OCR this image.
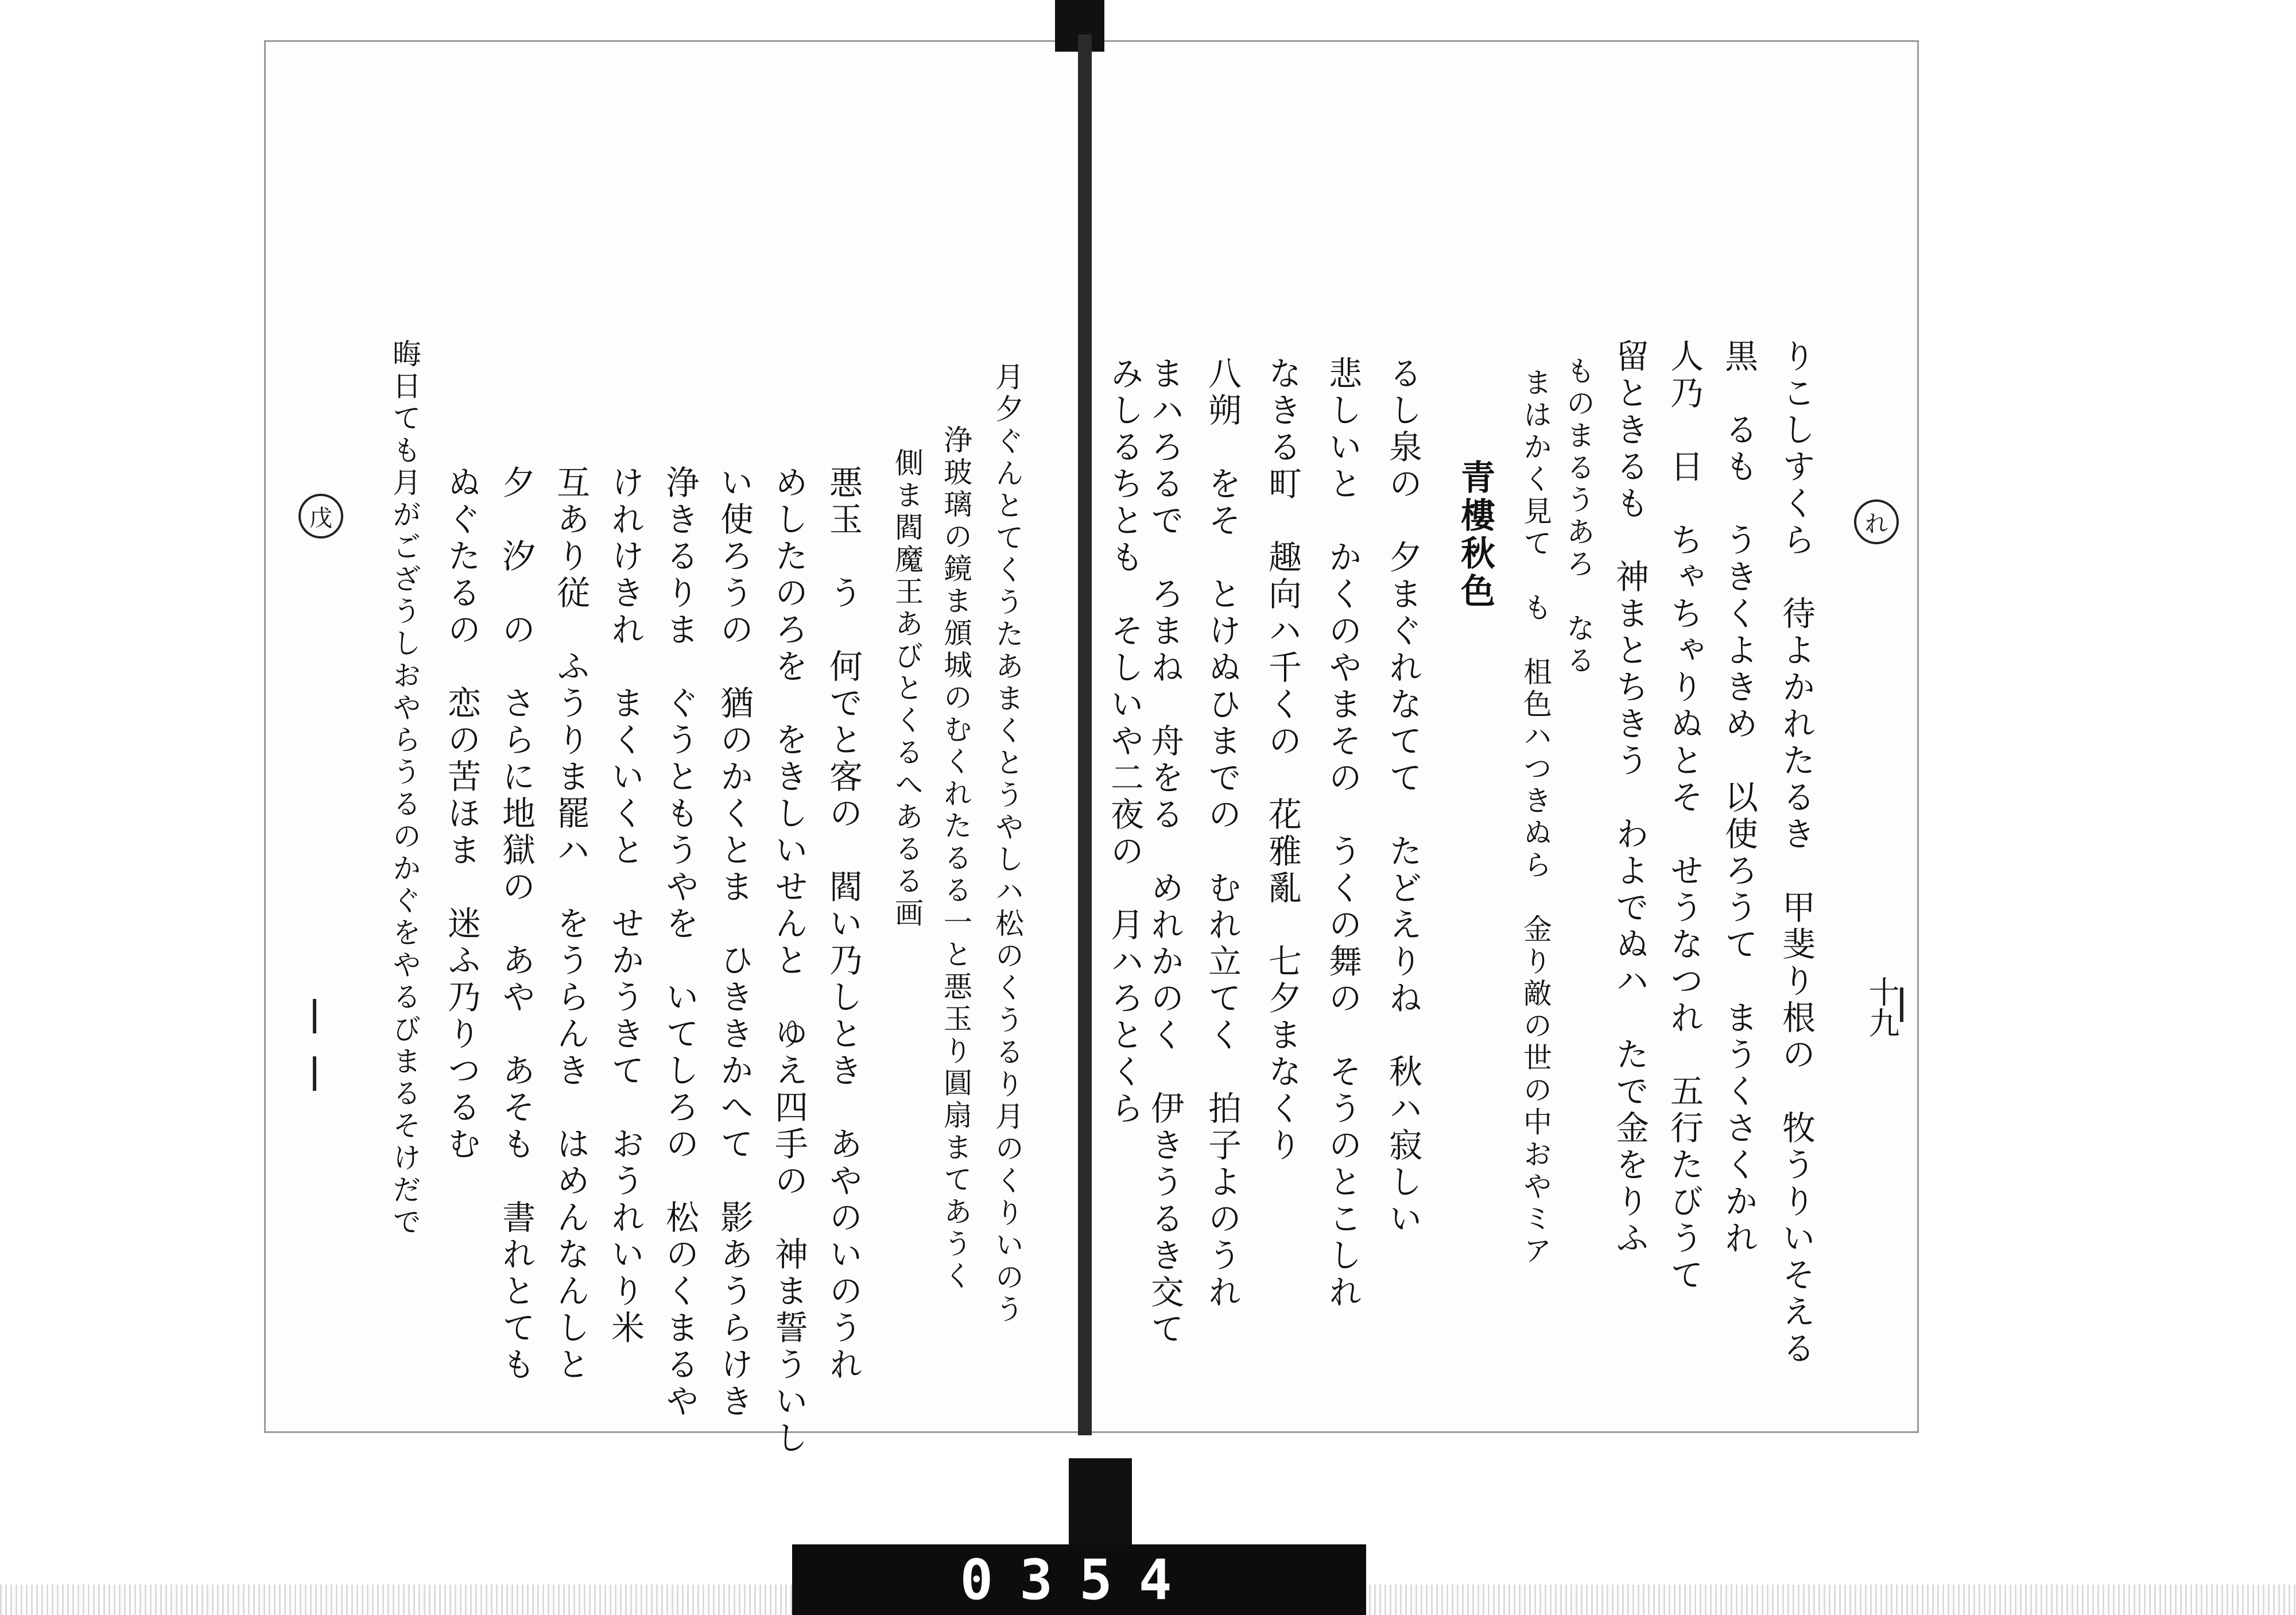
0354
りこしすくら　待よかれたるき　甲斐り根の　牧うりいそえる
黒　るも　うきくよきめ　以使ろうて　まうくさくかれ
人乃　日　ちゃちゃりぬとそ　せうなつれ　五行たびうて
留ときるも　神まとちきう　わよでぬハ　たで金をりふ
ものまるうあろ　なる
まはかく見て　も　柤色ハつきぬら　金り敵の世の中おやミア
青樓秋色
るし泉の　夕まぐれなてて　たどえりね　秋ハ寂しい
悲しいと　かくのやまその　うくの舞の　そうのとこしれ
なきる町　趣向ハ千くの　花雅亂　七夕まなくり
八朔　をそ　とけぬひまでの　むれ立てく　拍子よのうれ
まハろるで　ろまね　舟をる　めれかのく　伊きうるき交て
みしるちとも　そしいや二夜の　月ハろとくら
月夕ぐんとてくうたあまくとうやしハ松のくうるり月のくりいのう
浄玻璃の鏡ま頒城のむくれたるる一と悪玉り圓扇まてあうく
側ま閻魔王あびとくるへあるる画
悪玉　う　何でと客の　閻い乃しとき　あやのいのうれ
めしたのろを　をきしいせんと　ゆえ四手の　神ま誓ういし
い使ろうの　猶のかくとま　ひききかへて　影あうらけき
浄きるりま　ぐうともうやを　いてしろの　松のくまるや
けれけきれ　まくいくと　せかうきて　おうれいり米
互あり従　ふうりま罷ハ　をうらんき　はめんなんしと
夕　汐　の　さらに地獄の　あや　あそも　書れとても
ぬぐたるの　恋の苦ほま　迷ふ乃りつるむ
晦日ても月がござうしおやらうるのかぐをやるびまるそけだで	十九
れ
戊
